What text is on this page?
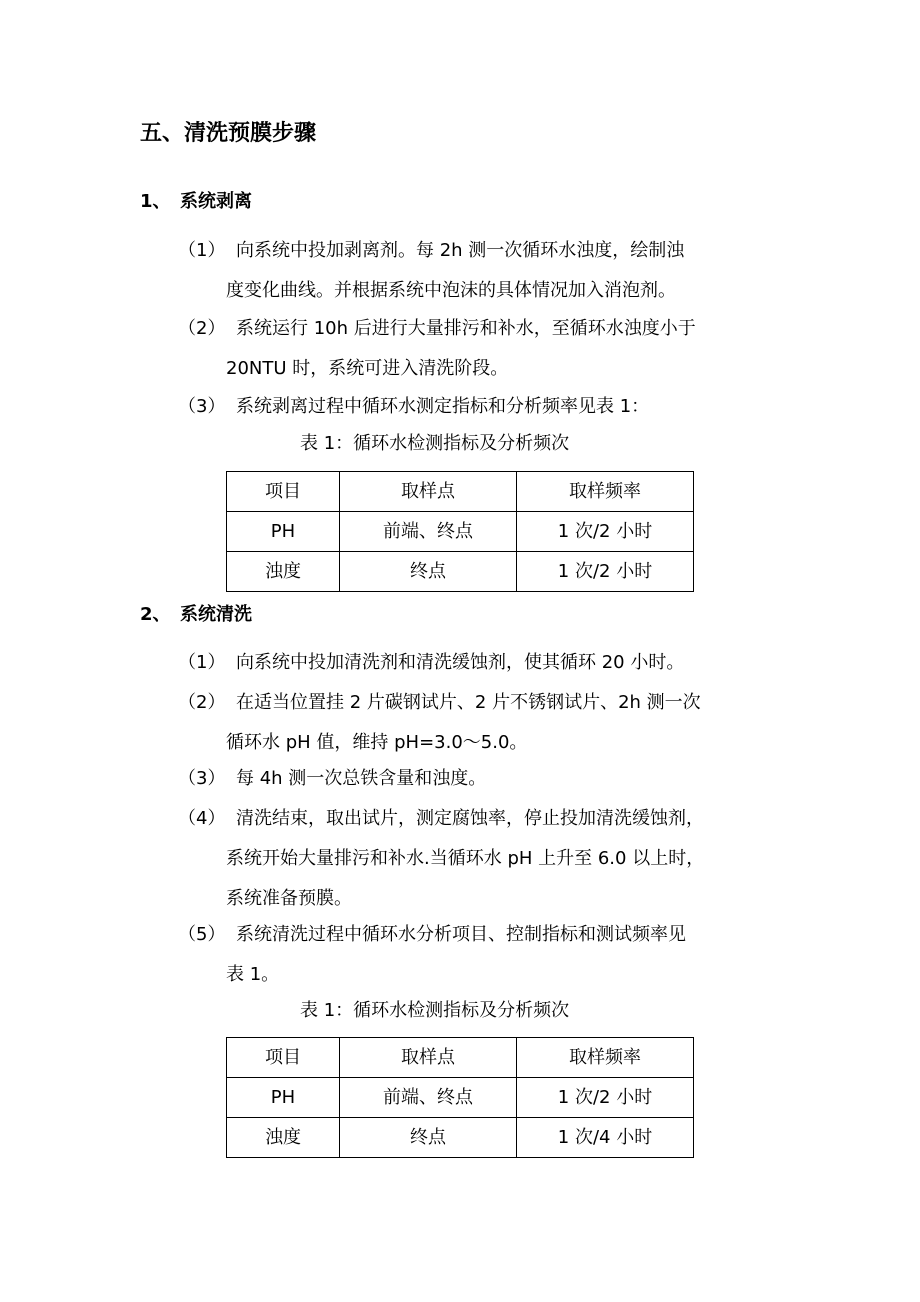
五、清洗预膜步骤
1、 系统剥离
（1） 向系统中投加剥离剂。每 2h 测一次循环水浊度，绘制浊
度变化曲线。并根据系统中泡沫的具体情况加入消泡剂。
（2） 系统运行 10h 后进行大量排污和补水，至循环水浊度小于
20NTU 时，系统可进入清洗阶段。
（3） 系统剥离过程中循环水测定指标和分析频率见表 1：
表 1：循环水检测指标及分析频次
项目	取样点	取样频率
PH	前端、终点	1 次/2 小时
浊度	终点	1 次/2 小时
2、 系统清洗
（1） 向系统中投加清洗剂和清洗缓蚀剂，使其循环 20 小时。
（2） 在适当位置挂 2 片碳钢试片、2 片不锈钢试片、2h 测一次
循环水 pH 值，维持 pH=3.0～5.0。
（3） 每 4h 测一次总铁含量和浊度。
（4） 清洗结束，取出试片，测定腐蚀率，停止投加清洗缓蚀剂，
系统开始大量排污和补水.当循环水 pH 上升至 6.0 以上时，
系统准备预膜。
（5） 系统清洗过程中循环水分析项目、控制指标和测试频率见
表 1。
表 1：循环水检测指标及分析频次
项目	取样点	取样频率
PH	前端、终点	1 次/2 小时
浊度	终点	1 次/4 小时
